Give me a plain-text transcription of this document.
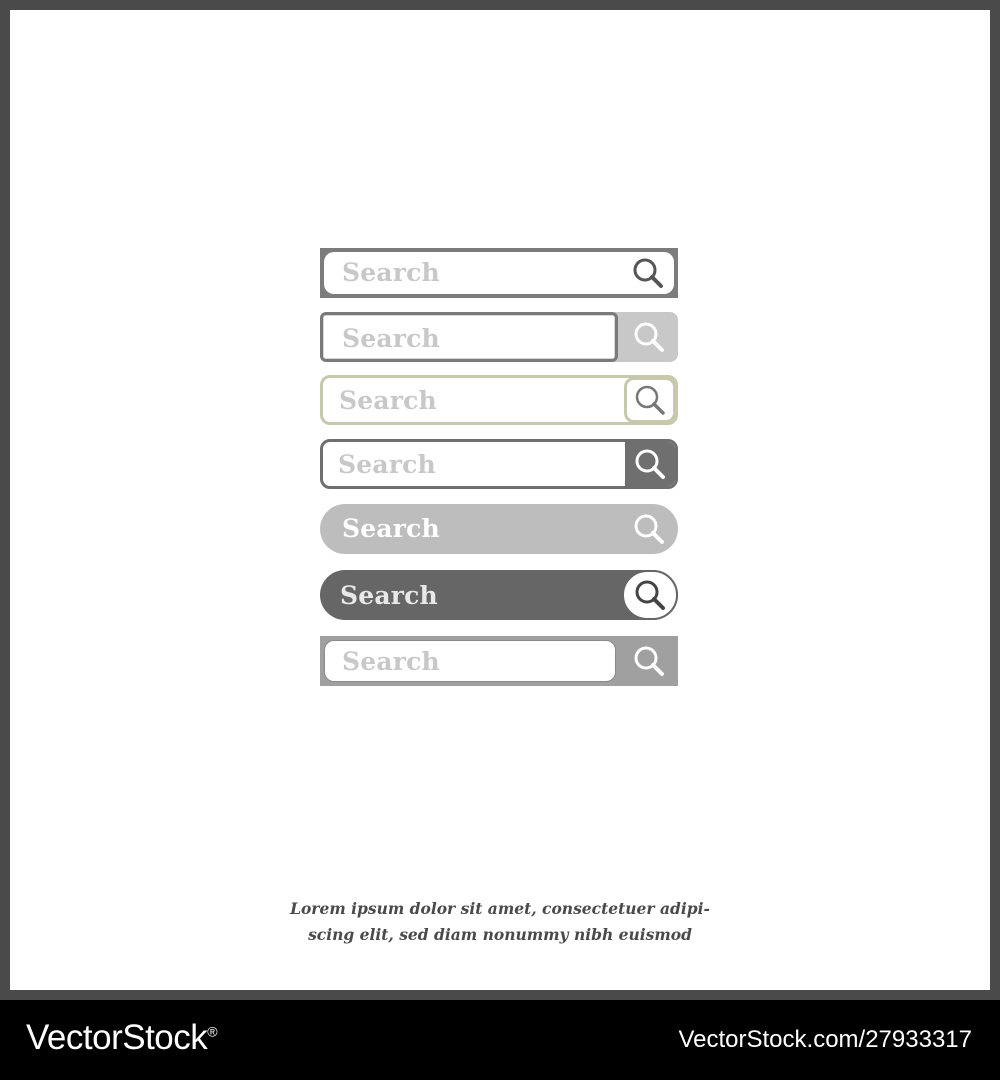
Search
Search
Search
Search
Search
Search
Search
Lorem ipsum dolor sit amet, consectetuer adipi-
scing elit, sed diam nonummy nibh euismod
VectorStock®	VectorStock.com/27933317
